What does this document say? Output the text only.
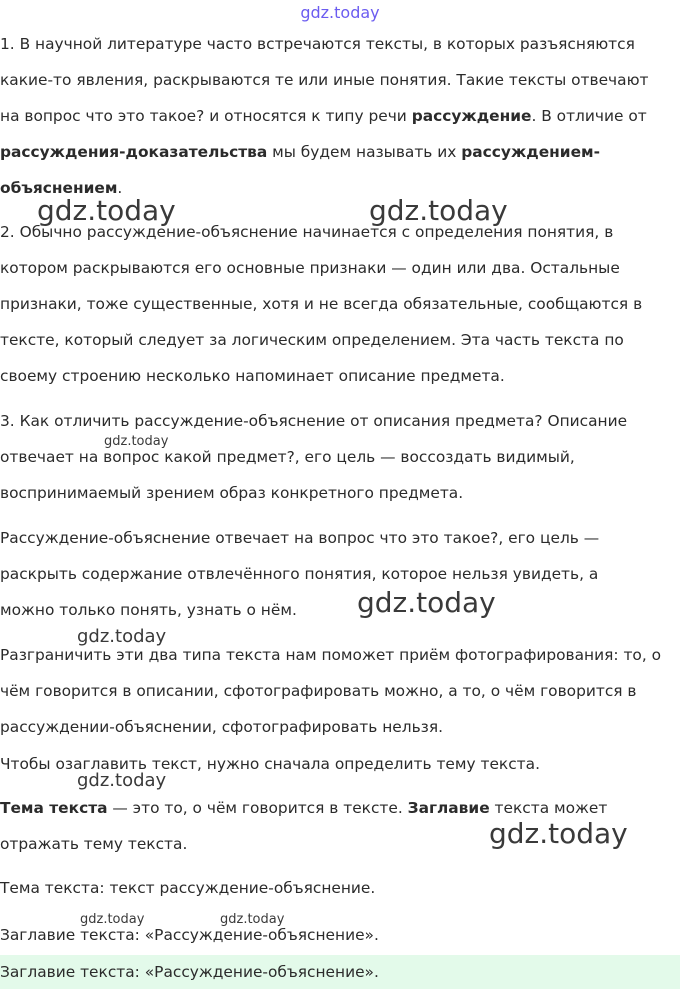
gdz.today

1. В научной литературе часто встречаются тексты, в которых разъясняются

какие-то явления, раскрываются те или иные понятия. Такие тексты отвечают

на вопрос что это такое? и относятся к типу речи рассуждение. В отличие от

рассуждения-доказательства мы будем называть их рассуждением-

объяснением.

2. Обычно рассуждение-объяснение начинается с определения понятия, в

котором раскрываются его основные признаки — один или два. Остальные

признаки, тоже существенные, хотя и не всегда обязательные, сообщаются в

тексте, который следует за логическим определением. Эта часть текста по

своему строению несколько напоминает описание предмета.

3. Как отличить рассуждение-объяснение от описания предмета? Описание

отвечает на вопрос какой предмет?, его цель — воссоздать видимый,

воспринимаемый зрением образ конкретного предмета.

Рассуждение-объяснение отвечает на вопрос что это такое?, его цель —

раскрыть содержание отвлечённого понятия, которое нельзя увидеть, а

можно только понять, узнать о нём.

Разграничить эти два типа текста нам поможет приём фотографирования: то, о

чём говорится в описании, сфотографировать можно, а то, о чём говорится в

рассуждении-объяснении, сфотографировать нельзя.

Чтобы озаглавить текст, нужно сначала определить тему текста.

Тема текста — это то, о чём говорится в тексте. Заглавие текста может

отражать тему текста.

Тема текста: текст рассуждение-объяснение.

Заглавие текста: «Рассуждение-объяснение».

Заглавие текста: «Рассуждение-объяснение».

gdz.today	gdz.today
gdz.today
gdz.today
gdz.today
gdz.today
gdz.today
gdz.today	gdz.today
